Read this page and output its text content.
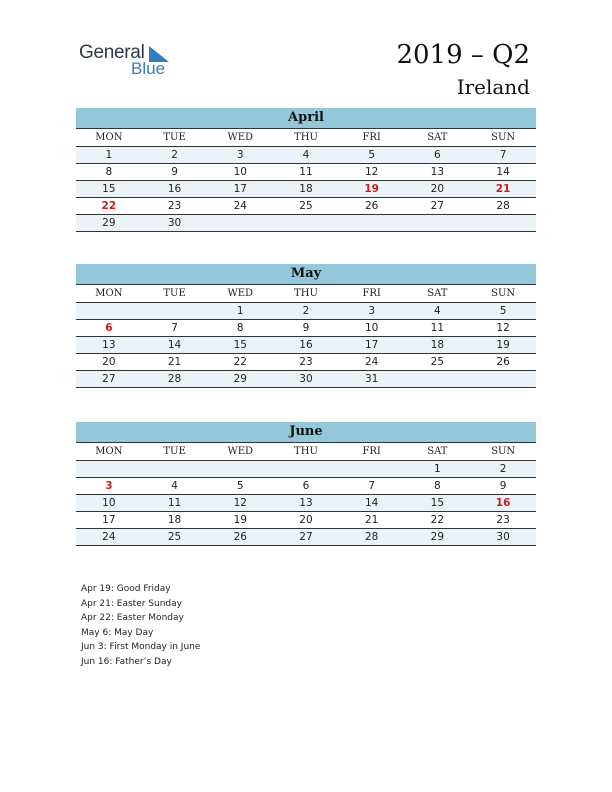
General
Blue	2019 – Q2
Ireland
April
MON	TUE	WED	THU	FRI	SAT	SUN
1	2	3	4	5	6	7
8	9	10	11	12	13	14
15	16	17	18	19	20	21
22	23	24	25	26	27	28
29	30					
May
MON	TUE	WED	THU	FRI	SAT	SUN
		1	2	3	4	5
6	7	8	9	10	11	12
13	14	15	16	17	18	19
20	21	22	23	24	25	26
27	28	29	30	31		
June
MON	TUE	WED	THU	FRI	SAT	SUN
					1	2
3	4	5	6	7	8	9
10	11	12	13	14	15	16
17	18	19	20	21	22	23
24	25	26	27	28	29	30
Apr 19: Good Friday
Apr 21: Easter Sunday
Apr 22: Easter Monday
May 6: May Day
Jun 3: First Monday in June
Jun 16: Father’s Day
